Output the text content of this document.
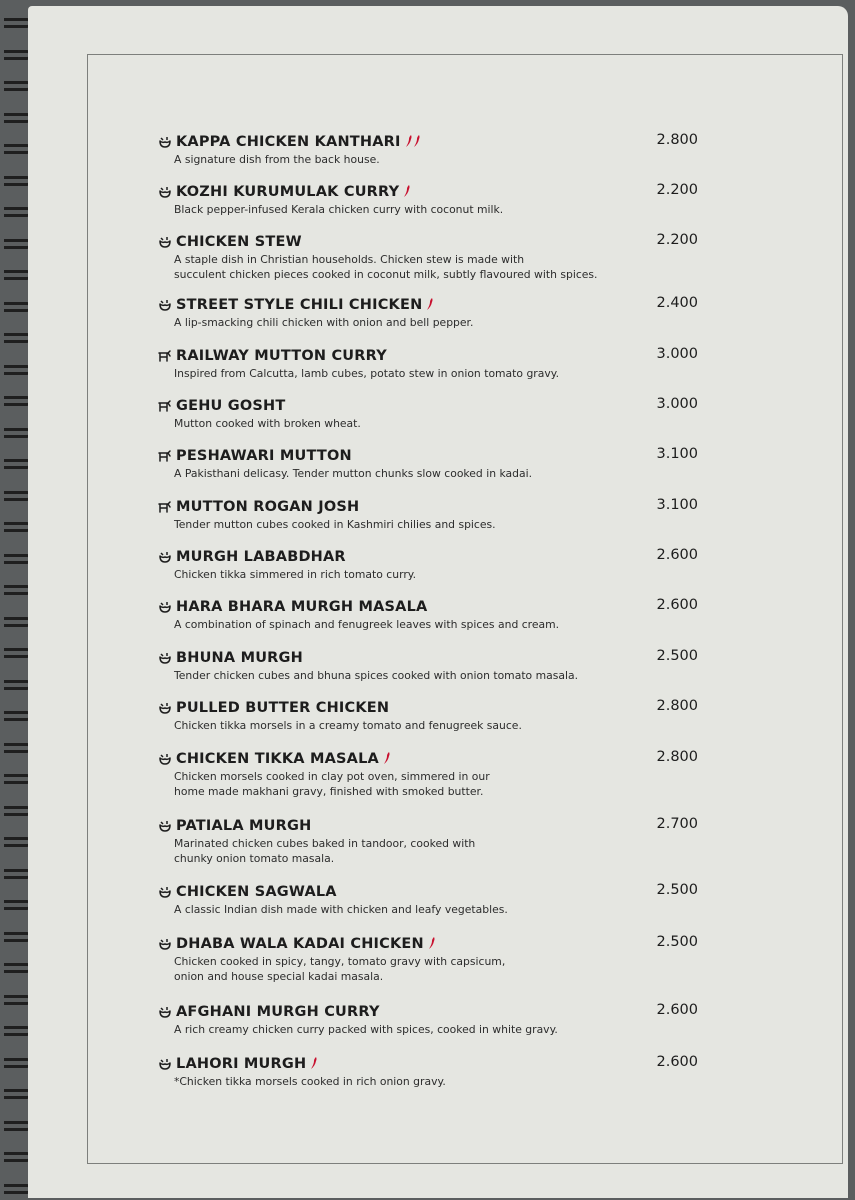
KAPPA CHICKEN KANTHARI
A signature dish from the back house.
2.800
KOZHI KURUMULAK CURRY
Black pepper-infused Kerala chicken curry with coconut milk.
2.200
CHICKEN STEW
A staple dish in Christian households. Chicken stew is made with
succulent chicken pieces cooked in coconut milk, subtly flavoured with spices.
2.200
STREET STYLE CHILI CHICKEN
A lip-smacking chili chicken with onion and bell pepper.
2.400
RAILWAY MUTTON CURRY
Inspired from Calcutta, lamb cubes, potato stew in onion tomato gravy.
3.000
GEHU GOSHT
Mutton cooked with broken wheat.
3.000
PESHAWARI MUTTON
A Pakisthani delicasy. Tender mutton chunks slow cooked in kadai.
3.100
MUTTON ROGAN JOSH
Tender mutton cubes cooked in Kashmiri chilies and spices.
3.100
MURGH LABABDHAR
Chicken tikka simmered in rich tomato curry.
2.600
HARA BHARA MURGH MASALA
A combination of spinach and fenugreek leaves with spices and cream.
2.600
BHUNA MURGH
Tender chicken cubes and bhuna spices cooked with onion tomato masala.
2.500
PULLED BUTTER CHICKEN
Chicken tikka morsels in a creamy tomato and fenugreek sauce.
2.800
CHICKEN TIKKA MASALA
Chicken morsels cooked in clay pot oven, simmered in our
home made makhani gravy, finished with smoked butter.
2.800
PATIALA MURGH
Marinated chicken cubes baked in tandoor, cooked with
chunky onion tomato masala.
2.700
CHICKEN SAGWALA
A classic Indian dish made with chicken and leafy vegetables.
2.500
DHABA WALA KADAI CHICKEN
Chicken cooked in spicy, tangy, tomato gravy with capsicum,
onion and house special kadai masala.
2.500
AFGHANI MURGH CURRY
A rich creamy chicken curry packed with spices, cooked in white gravy.
2.600
LAHORI MURGH
*Chicken tikka morsels cooked in rich onion gravy.
2.600
